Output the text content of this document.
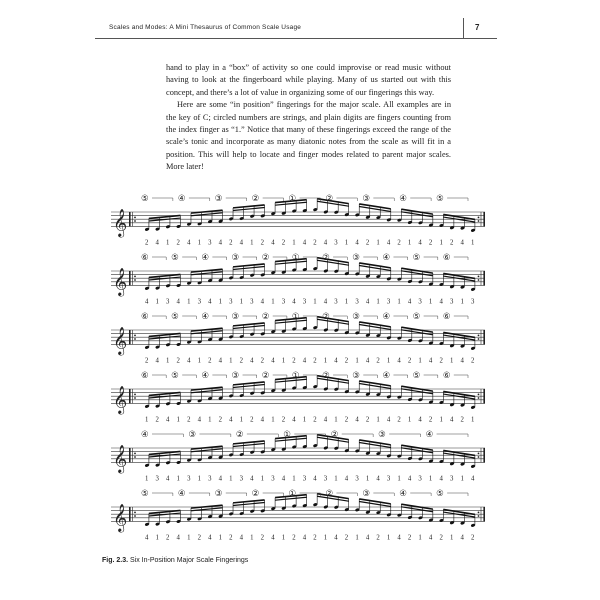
Scales and Modes: A Mini Thesaurus of Common Scale Usage	7

hand to play in a “box” of activity so one could improvise or read music without having to look at the fingerboard while playing. Many of us started out with this concept, and there’s a lot of value in organizing some of our fingerings this way.

Here are some “in position” fingerings for the major scale. All examples are in the key of C; circled numbers are strings, and plain digits are fingers counting from the index finger as “1.” Notice that many of these fingerings exceed the range of the scale’s tonic and incorporate as many diatonic notes from the scale as will fit in a position. This will help to locate and finger modes related to parent major scales. More later!

𝄞
⑤	④	③	②	①	②	③	④	⑤
2 4 1 2 4 1 3 4 2 4 1 2 4 2 1 4 2 4 3 1 4 2 1 4 2 1 4 2 1 2 4 1
𝄞
⑥	⑤	④	③	②	①	②	③	④	⑤	⑥
4 1 3 4 1 3 4 1 3 1 3 4 1 3 4 3 1 4 3 1 3 4 1 3 1 4 3 1 4 3 1 3
𝄞
⑥	⑤	④	③	②	①	②	③	④	⑤	⑥
2 4 1 2 4 1 2 4 1 2 4 2 4 1 2 4 2 1 4 2 1 4 2 1 4 2 1 4 2 1 4 2
𝄞
⑥	⑤	④	③	②	①	②	③	④	⑤	⑥
1 2 4 1 2 4 1 2 4 1 2 4 1 2 4 1 2 4 1 2 4 2 1 4 2 1 4 2 1 4 2 1
𝄞
④	③	②	①	②	③	④
1 3 4 1 3 1 3 4 1 3 4 1 3 4 1 3 4 3 1 4 3 1 4 3 1 4 3 1 4 3 1 4
𝄞
⑤	④	③	②	①	②	③	④	⑤
4 1 2 4 1 2 4 1 2 4 1 2 4 1 2 4 2 1 4 2 1 4 2 1 4 2 1 4 2 1 4 2
Fig. 2.3. Six In-Position Major Scale Fingerings
